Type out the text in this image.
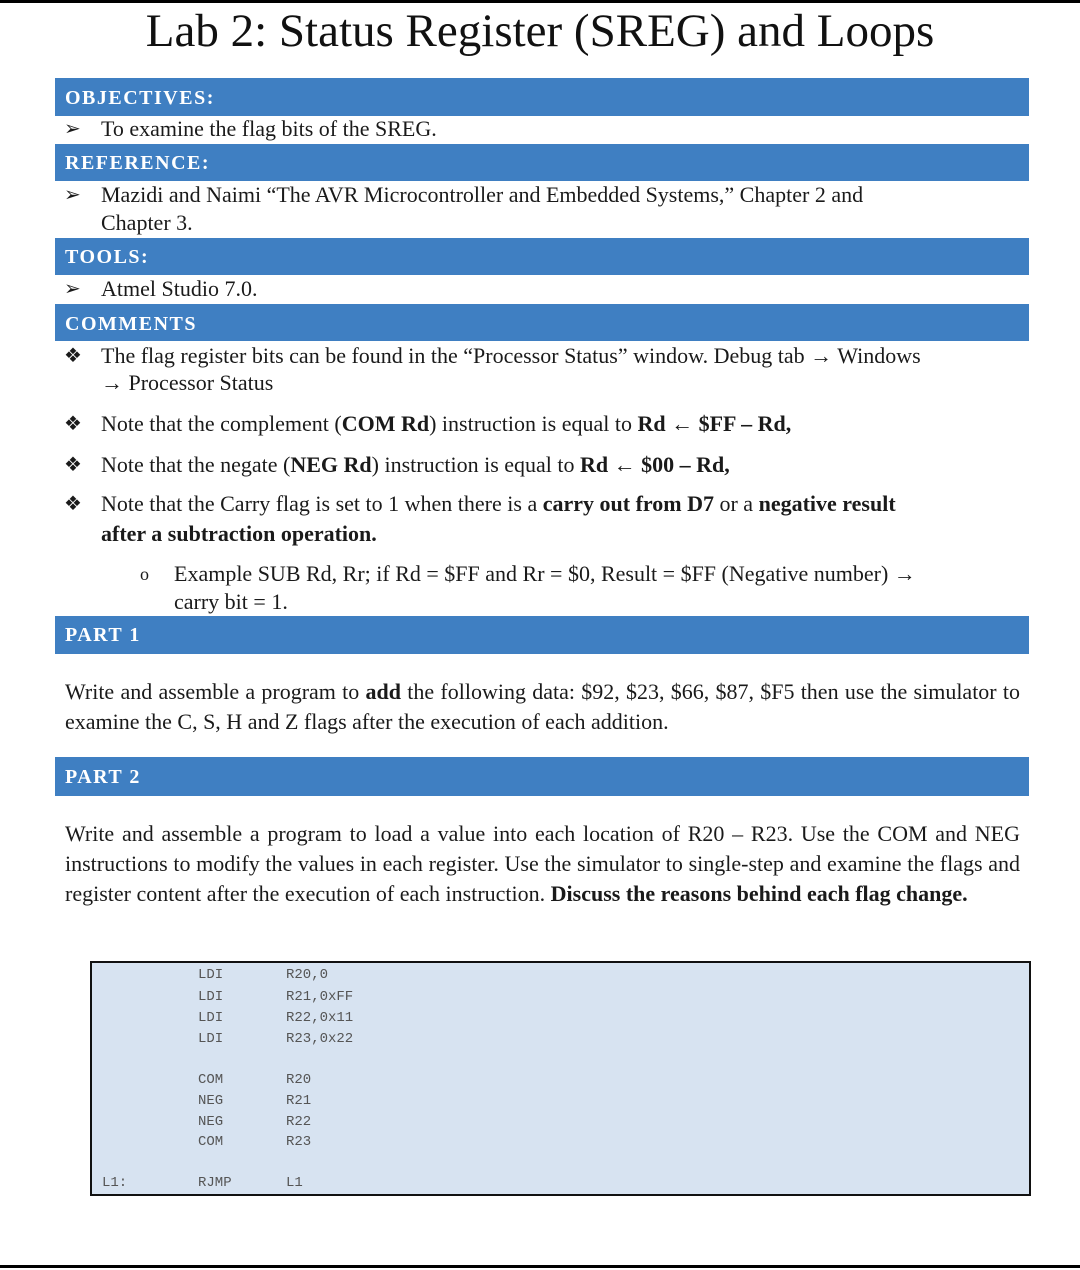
Lab 2: Status Register (SREG) and Loops
OBJECTIVES:
➢ To examine the flag bits of the SREG.
REFERENCE:
➢ Mazidi and Naimi “The AVR Microcontroller and Embedded Systems,” Chapter 2 and
Chapter 3.
TOOLS:
➢ Atmel Studio 7.0.
COMMENTS
❖ The flag register bits can be found in the “Processor Status” window. Debug tab → Windows
→ Processor Status
❖ Note that the complement (COM Rd) instruction is equal to Rd ← $FF – Rd,
❖ Note that the negate (NEG Rd) instruction is equal to Rd ← $00 – Rd,
❖ Note that the Carry flag is set to 1 when there is a carry out from D7 or a negative result
after a subtraction operation.
o Example SUB Rd, Rr; if Rd = $FF and Rr = $0, Result = $FF (Negative number) →
carry bit = 1.
PART 1
Write and assemble a program to add the following data: $92, $23, $66, $87, $F5 then use the simulator to examine the C, S, H and Z flags after the execution of each addition.
PART 2
Write and assemble a program to load a value into each location of R20 – R23. Use the COM and NEG instructions to modify the values in each register. Use the simulator to single-step and examine the flags and register content after the execution of each instruction. Discuss the reasons behind each flag change.
LDI	R20,0
LDI	R21,0xFF
LDI	R22,0x11
LDI	R23,0x22
COM	R20
NEG	R21
NEG	R22
COM	R23
L1:	RJMP	L1
